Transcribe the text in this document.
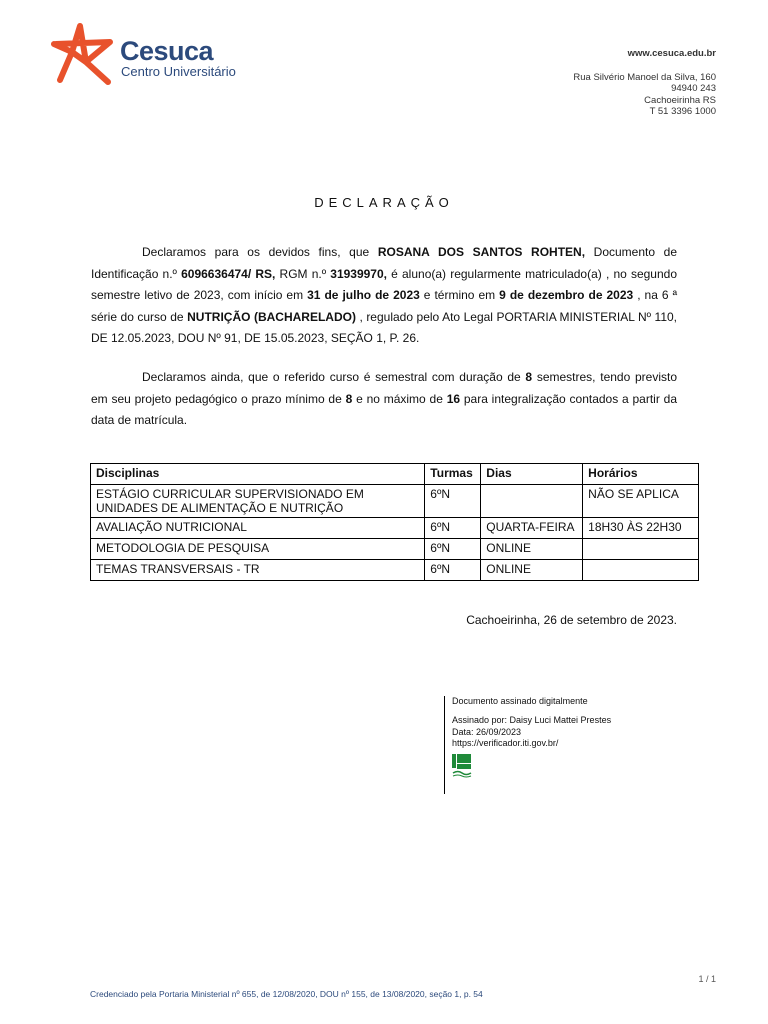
Cesuca
Centro Universitário
www.cesuca.edu.br
Rua Silvério Manoel da Silva, 160
94940 243
Cachoeirinha RS
T 51 3396 1000
DECLARAÇÃO
Declaramos para os devidos fins, que ROSANA DOS SANTOS ROHTEN, Documento de Identificação n.º 6096636474/ RS, RGM n.º 31939970, é aluno(a) regularmente matriculado(a) , no segundo semestre letivo de 2023, com início em 31 de julho de 2023 e término em 9 de dezembro de 2023 , na 6 ª série do curso de NUTRIÇÃO (BACHARELADO) , regulado pelo Ato Legal PORTARIA MINISTERIAL Nº 110, DE 12.05.2023, DOU Nº 91, DE 15.05.2023, SEÇÃO 1, P. 26.
Declaramos ainda, que o referido curso é semestral com duração de 8 semestres, tendo previsto em seu projeto pedagógico o prazo mínimo de 8 e no máximo de 16 para integralização contados a partir da data de matrícula.
Disciplinas	Turmas	Dias	Horários
ESTÁGIO CURRICULAR SUPERVISIONADO EM UNIDADES DE ALIMENTAÇÃO E NUTRIÇÃO	6ºN		NÃO SE APLICA
AVALIAÇÃO NUTRICIONAL	6ºN	QUARTA-FEIRA	18H30 ÀS 22H30
METODOLOGIA DE PESQUISA	6ºN	ONLINE	
TEMAS TRANSVERSAIS - TR	6ºN	ONLINE	
Cachoeirinha, 26 de setembro de 2023.
Documento assinado digitalmente
Assinado por: Daisy Luci Mattei Prestes
Data: 26/09/2023
https://verificador.iti.gov.br/
1 / 1
Credenciado pela Portaria Ministerial nº 655, de 12/08/2020, DOU nº 155, de 13/08/2020, seção 1, p. 54
